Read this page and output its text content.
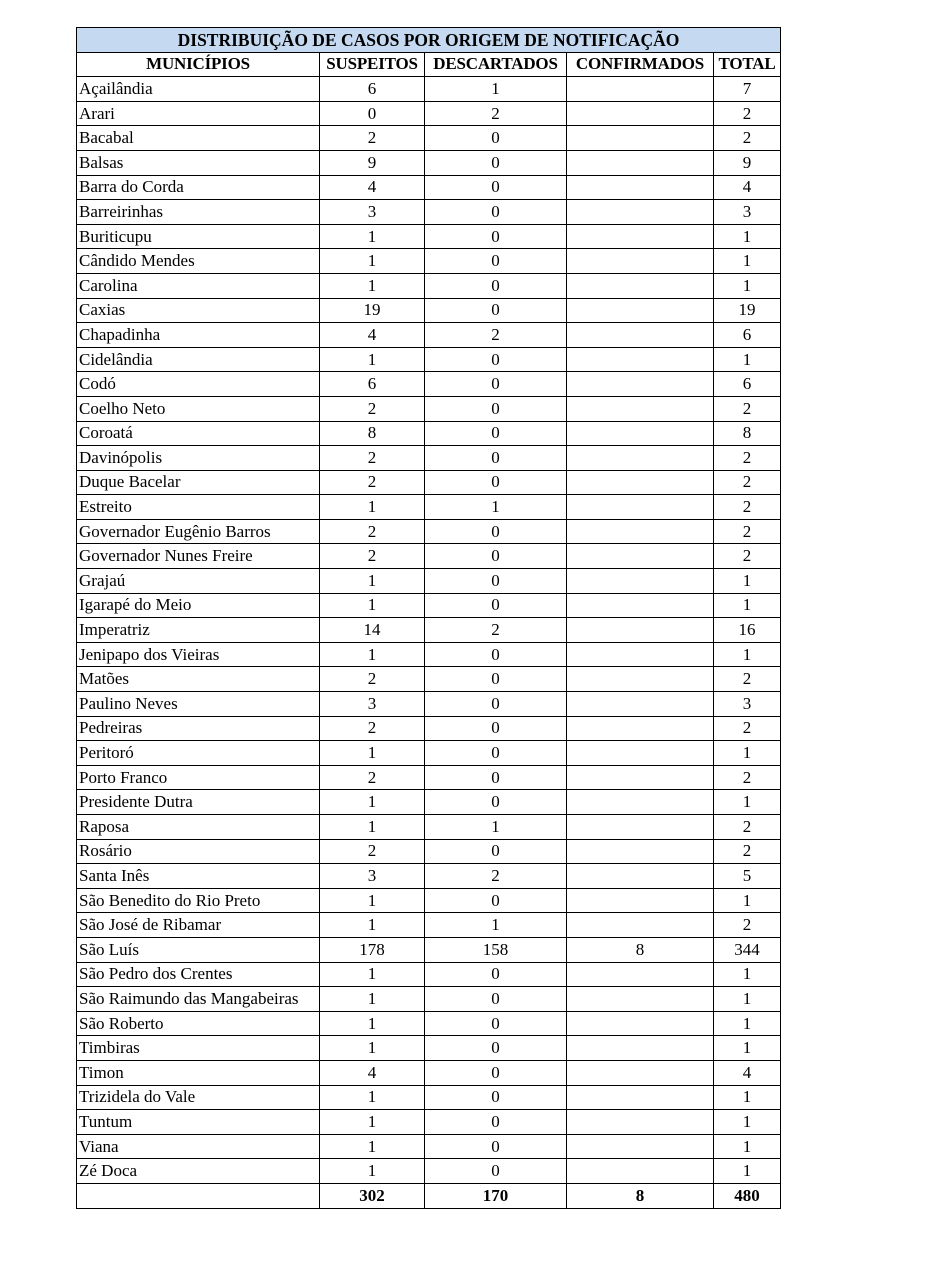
DISTRIBUIÇÃO DE CASOS POR ORIGEM DE NOTIFICAÇÃO				
MUNICÍPIOS	SUSPEITOS	DESCARTADOS	CONFIRMADOS	TOTAL
Açailândia	6	1		7
Arari	0	2		2
Bacabal	2	0		2
Balsas	9	0		9
Barra do Corda	4	0		4
Barreirinhas	3	0		3
Buriticupu	1	0		1
Cândido Mendes	1	0		1
Carolina	1	0		1
Caxias	19	0		19
Chapadinha	4	2		6
Cidelândia	1	0		1
Codó	6	0		6
Coelho Neto	2	0		2
Coroatá	8	0		8
Davinópolis	2	0		2
Duque Bacelar	2	0		2
Estreito	1	1		2
Governador Eugênio Barros	2	0		2
Governador Nunes Freire	2	0		2
Grajaú	1	0		1
Igarapé do Meio	1	0		1
Imperatriz	14	2		16
Jenipapo dos Vieiras	1	0		1
Matões	2	0		2
Paulino Neves	3	0		3
Pedreiras	2	0		2
Peritoró	1	0		1
Porto Franco	2	0		2
Presidente Dutra	1	0		1
Raposa	1	1		2
Rosário	2	0		2
Santa Inês	3	2		5
São Benedito do Rio Preto	1	0		1
São José de Ribamar	1	1		2
São Luís	178	158	8	344
São Pedro dos Crentes	1	0		1
São Raimundo das Mangabeiras	1	0		1
São Roberto	1	0		1
Timbiras	1	0		1
Timon	4	0		4
Trizidela do Vale	1	0		1
Tuntum	1	0		1
Viana	1	0		1
Zé Doca	1	0		1
	302	170	8	480
